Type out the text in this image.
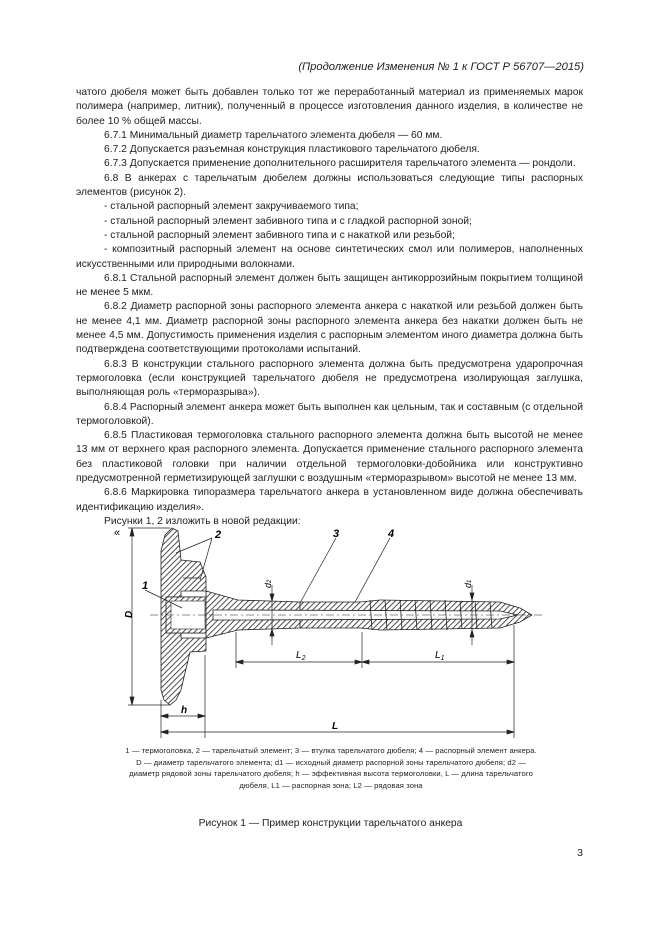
(Продолжение Изменения № 1 к ГОСТ Р 56707—2015)

чатого дюбеля может быть добавлен только тот же переработанный материал из применяемых марок полимера (например, литник), полученный в процессе изготовления данного изделия, в количестве не более 10 % общей массы.

6.7.1 Минимальный диаметр тарельчатого элемента дюбеля — 60 мм.

6.7.2 Допускается разъемная конструкция пластикового тарельчатого дюбеля.

6.7.3 Допускается применение дополнительного расширителя тарельчатого элемента — рондоли.

6.8 В анкерах с тарельчатым дюбелем должны использоваться следующие типы распорных элементов (рисунок 2).

- стальной распорный элемент закручиваемого типа;

- стальной распорный элемент забивного типа и с гладкой распорной зоной;

- стальной распорный элемент забивного типа и с накаткой или резьбой;

- композитный распорный элемент на основе синтетических смол или полимеров, наполненных искусственными или природными волокнами.

6.8.1 Стальной распорный элемент должен быть защищен антикоррозийным покрытием толщиной не менее 5 мкм.

6.8.2 Диаметр распорной зоны распорного элемента анкера с накаткой или резьбой должен быть не менее 4,1 мм. Диаметр распорной зоны распорного элемента анкера без накатки должен быть не менее 4,5 мм. Допустимость применения изделия с распорным элементом иного диаметра должна быть подтверждена соответствующими протоколами испытаний.

6.8.3 В конструкции стального распорного элемента должна быть предусмотрена ударопрочная термоголовка (если конструкцией тарельчатого дюбеля не предусмотрена изолирующая заглушка, выполняющая роль «терморазрыва»).

6.8.4 Распорный элемент анкера может быть выполнен как цельным, так и составным (с отдельной термоголовкой).

6.8.5 Пластиковая термоголовка стального распорного элемента должна быть высотой не менее 13 мм от верхнего края распорного элемента. Допускается применение стального распорного элемента без пластиковой головки при наличии отдельной термоголовки-добойника или конструктивно предусмотренной герметизирующей заглушки с воздушным «терморазрывом» высотой не менее 13 мм.

6.8.6 Маркировка типоразмера тарельчатого анкера в установленном виде должна обеспечивать идентификацию изделия».

Рисунки 1, 2 изложить в новой редакции:

«
1
2	3	4
D
d2
d1
$L_2$	$L_1$
h
L
1 — термоголовка, 2 — тарельчатый элемент; 3 — втулка тарельчатого дюбеля; 4 — распорный элемент анкера. D — диаметр тарельчатого элемента; d1 — исходный диаметр распорной зоны тарельчатого дюбеля; d2 — диаметр рядовой зоны тарельчатого дюбеля; h — эффективная высота термоголовки, L — длина тарельчатого дюбеля, L1 — распорная зона; L2 — рядовая зона
Рисунок 1 — Пример конструкции тарельчатого анкера
3
